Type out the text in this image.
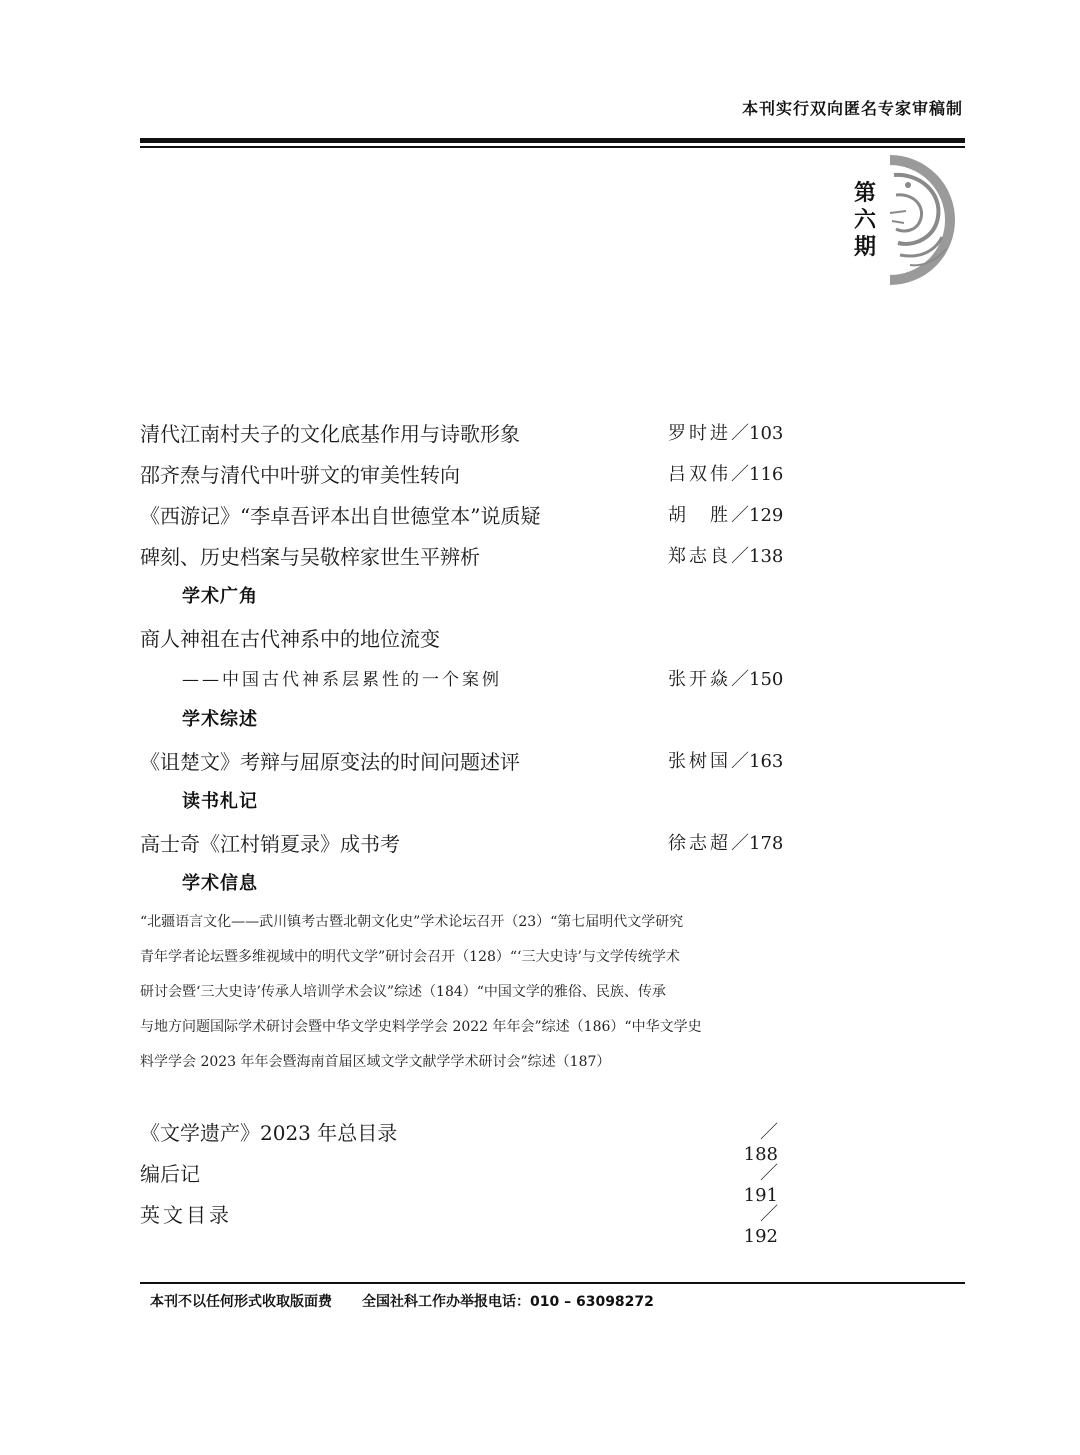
本刊实行双向匿名专家审稿制
第
六
期
清代江南村夫子的文化底基作用与诗歌形象	罗时进／103
邵齐焘与清代中叶骈文的审美性转向	吕双伟／116
《西游记》“李卓吾评本出自世德堂本”说质疑	胡　胜／129
碑刻、历史档案与吴敬梓家世生平辨析	郑志良／138
学术广角
商人神祖在古代神系中的地位流变
——中国古代神系层累性的一个案例	张开焱／150
学术综述
《诅楚文》考辩与屈原变法的时间问题述评	张树国／163
读书札记
高士奇《江村销夏录》成书考	徐志超／178
学术信息
“北疆语言文化——武川镇考古暨北朝文化史”学术论坛召开（23）“第七届明代文学研究
青年学者论坛暨多维视域中的明代文学”研讨会召开（128）“‘三大史诗’与文学传统学术
研讨会暨‘三大史诗’传承人培训学术会议”综述（184）“中国文学的雅俗、民族、传承
与地方问题国际学术研讨会暨中华文学史料学学会 2022 年年会”综述（186）“中华文学史
料学学会 2023 年年会暨海南首届区域文学文献学学术研讨会”综述（187）
《文学遗产》2023 年总目录	／188
编后记	／191
英文目录	／192
本刊不以任何形式收取版面费 全国社科工作办举报电话：010 – 63098272
